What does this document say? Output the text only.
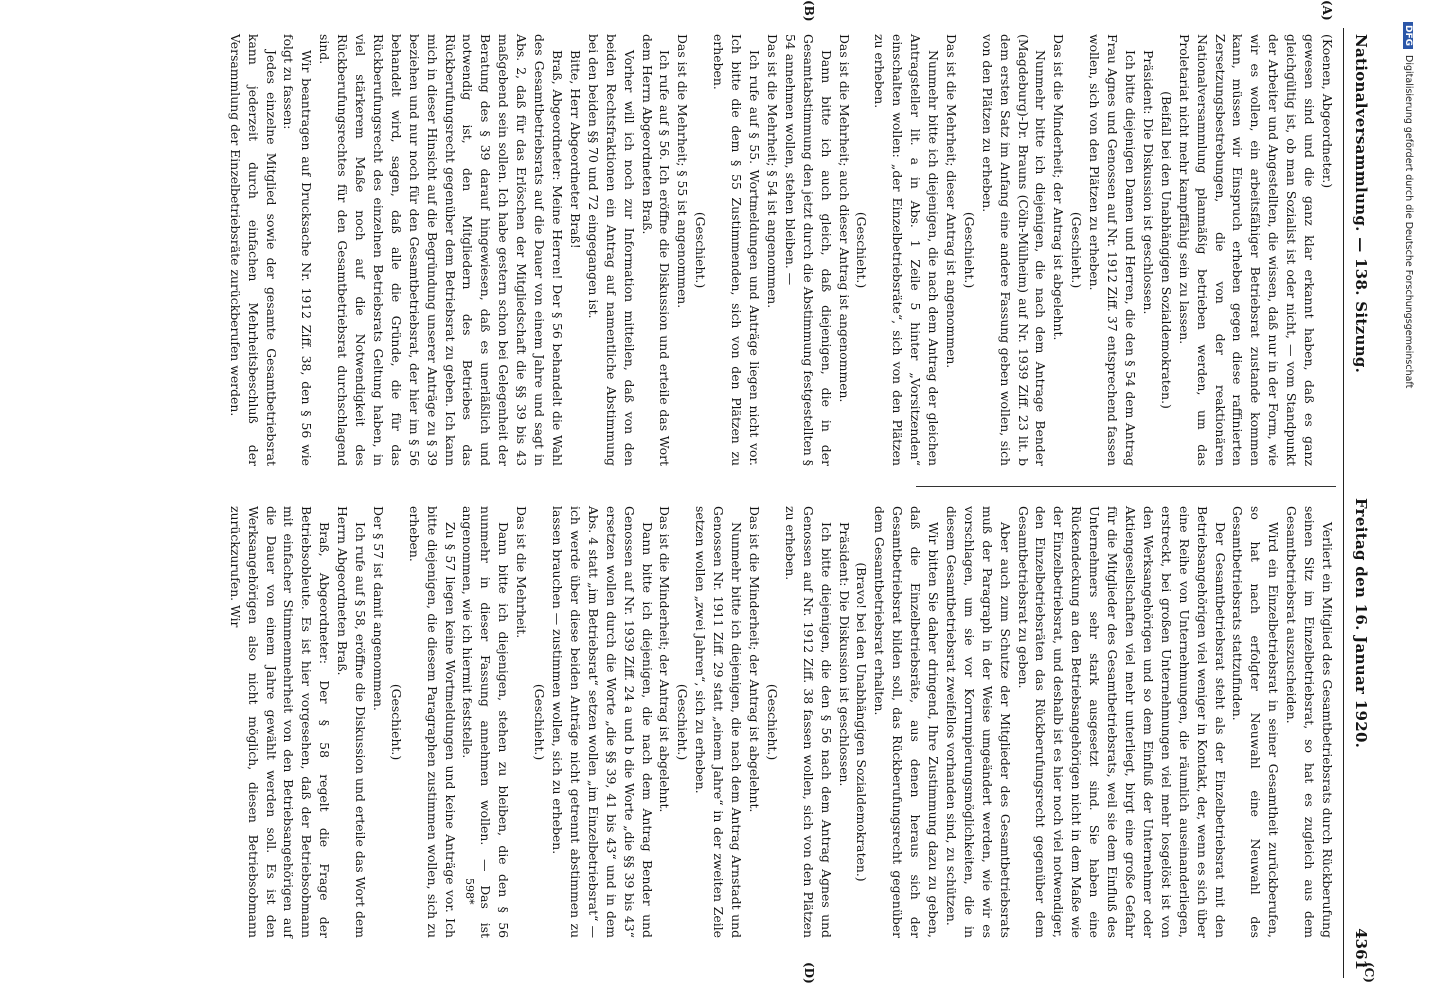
Nationalversammlung. — 138. Sitzung.
Freitag den 16. Januar 1920.
4361
(A)
(B)
(C)
(D)

(Koenen, Abgeordneter.)

gewesen sind und die ganz klar erkannt haben, daß es ganz gleichgültig ist, ob man Sozialist ist oder nicht, — vom Standpunkt der Arbeiter und Angestellten, die wissen, daß nur in der Form, wie wir es wollen, ein arbeitsfähiger Betriebsrat zustande kommen kann, müssen wir Einspruch erheben gegen diese raffinierten Zersetzungsbestrebungen, die von der reaktionären Nationalversammlung planmäßig betrieben werden, um das Proletariat nicht mehr kampffähig sein zu lassen.

(Beifall bei den Unabhängigen Sozialdemokraten.)

Präsident: Die Diskussion ist geschlossen.

Ich bitte diejenigen Damen und Herren, die den § 54 dem Antrag Frau Agnes und Genossen auf Nr. 1912 Ziff. 37 entsprechend fassen wollen, sich von den Plätzen zu erheben.

(Geschieht.)

Das ist die Minderheit; der Antrag ist abgelehnt.

Nunmehr bitte ich diejenigen, die nach dem Antrage Bender (Magdeburg)-Dr. Brauns (Cöln-Mülheim) auf Nr. 1939 Ziff. 23 lit. b dem ersten Satz im Anfang eine andere Fassung geben wollen, sich von den Plätzen zu erheben.

(Geschieht.)

Das ist die Mehrheit; dieser Antrag ist angenommen.

Nunmehr bitte ich diejenigen, die nach dem Antrag der gleichen Antragsteller lit. a in Abs. 1 Zeile 5 hinter „Vorsitzenden“ einschalten wollen: „der Einzelbetriebsräte“, sich von den Plätzen zu erheben.

(Geschieht.)

Das ist die Mehrheit; auch dieser Antrag ist angenommen.

Dann bitte ich auch gleich, daß diejenigen, die in der Gesamtabstimmung den jetzt durch die Abstimmung festgestellten § 54 annehmen wollen, stehen bleiben. —

Das ist die Mehrheit; § 54 ist angenommen.

Ich rufe auf § 55. Wortmeldungen und Anträge liegen nicht vor. Ich bitte die dem § 55 Zustimmenden, sich von den Plätzen zu erheben.

(Geschieht.)

Das ist die Mehrheit; § 55 ist angenommen.

Ich rufe auf § 56. Ich eröffne die Diskussion und erteile das Wort dem Herrn Abgeordneten Braß.

Vorher will ich noch zur Information mitteilen, daß von den beiden Rechtsfraktionen ein Antrag auf namentliche Abstimmung bei den beiden §§ 70 und 72 eingegangen ist.

Bitte, Herr Abgeordneter Braß!

Braß, Abgeordneter: Meine Herren! Der § 56 behandelt die Wahl des Gesamtbetriebsrats auf die Dauer von einem Jahre und sagt in Abs. 2, daß für das Erlöschen der Mitgliedschaft die §§ 39 bis 43 maßgebend sein sollen. Ich habe gestern schon bei Gelegenheit der Beratung des § 39 darauf hingewiesen, daß es unerläßlich und notwendig ist, den Mitgliedern des Betriebes das Rückberufungsrecht gegenüber dem Betriebsrat zu geben. Ich kann mich in dieser Hinsicht auf die Begründung unserer Anträge zu § 39 beziehen und nur noch für den Gesamtbetriebsrat, der hier im § 56 behandelt wird, sagen, daß alle die Gründe, die für das Rückberufungsrecht des einzelnen Betriebsrats Geltung haben, in viel stärkerem Maße noch auf die Notwendigkeit des Rückberufungsrechtes für den Gesamtbetriebsrat durchschlagend sind.

Wir beantragen auf Drucksache Nr. 1912 Ziff. 38, den § 56 wie folgt zu fassen:

Jedes einzelne Mitglied sowie der gesamte Gesamtbetriebsrat kann jederzeit durch einfachen Mehrheitsbeschluß der Versammlung der Einzelbetriebsräte zurückberufen werden.

Verliert ein Mitglied des Gesamtbetriebsrats durch Rückberufung seinen Sitz im Einzelbetriebsrat, so hat es zugleich aus dem Gesamtbetriebsrat auszuscheiden.

Wird ein Einzelbetriebsrat in seiner Gesamtheit zurückberufen, so hat nach erfolgter Neuwahl eine Neuwahl des Gesamtbetriebsrats stattzufinden.

Der Gesamtbetriebsrat steht als der Einzelbetriebsrat mit den Betriebsangehörigen viel weniger in Kontakt, der, wenn es sich über eine Reihe von Unternehmungen, die räumlich auseinanderliegen, erstreckt, bei großen Unternehmungen viel mehr losgelöst ist von den Werksangehörigen und so dem Einfluß der Unternehmer oder Aktiengesellschaften viel mehr unterliegt, birgt eine große Gefahr für die Mitglieder des Gesamtbetriebsrats, weil sie dem Einfluß des Unternehmers sehr stark ausgesetzt sind. Sie haben eine Rückendeckung an den Betriebsangehörigen nicht in dem Maße wie der Einzelbetriebsrat, und deshalb ist es hier noch viel notwendiger, den Einzelbetriebsräten das Rückberufungsrecht gegenüber dem Gesamtbetriebsrat zu geben.

Aber auch zum Schutze der Mitglieder des Gesamtbetriebsrats muß der Paragraph in der Weise umgeändert werden, wie wir es vorschlagen, um sie vor Korrumpierungsmöglichkeiten, die in diesem Gesamtbetriebsrat zweifellos vorhanden sind, zu schützen.

Wir bitten Sie daher dringend, Ihre Zustimmung dazu zu geben, daß die Einzelbetriebsräte, aus denen heraus sich der Gesamtbetriebsrat bilden soll, das Rückberufungsrecht gegenüber dem Gesamtbetriebsrat erhalten.

(Bravo! bei den Unabhängigen Sozialdemokraten.)

Präsident: Die Diskussion ist geschlossen.

Ich bitte diejenigen, die den § 56 nach dem Antrag Agnes und Genossen auf Nr. 1912 Ziff. 38 fassen wollen, sich von den Plätzen zu erheben.

(Geschieht.)

Das ist die Minderheit; der Antrag ist abgelehnt.

Nunmehr bitte ich diejenigen, die nach dem Antrag Arnstadt und Genossen Nr. 1911 Ziff. 29 statt „einem Jahre“ in der zweiten Zeile setzen wollen „zwei Jahren“, sich zu erheben.

(Geschieht.)

Das ist die Minderheit; der Antrag ist abgelehnt.

Dann bitte ich diejenigen, die nach dem Antrag Bender und Genossen auf Nr. 1939 Ziff. 24 a und b die Worte „die §§ 39 bis 43“ ersetzen wollen durch die Worte „die §§ 39, 41 bis 43“ und in dem Abs. 4 statt „im Betriebsrat“ setzen wollen „im Einzelbetriebsrat“ — ich werde über diese beiden Anträge nicht getrennt abstimmen zu lassen brauchen — zustimmen wollen, sich zu erheben.

(Geschieht.)

Das ist die Mehrheit.

Dann bitte ich diejenigen, stehen zu bleiben, die den § 56 nunmehr in dieser Fassung annehmen wollen. — Das ist angenommen, wie ich hiermit feststelle.

Zu § 57 liegen keine Wortmeldungen und keine Anträge vor. Ich bitte diejenigen, die diesem Paragraphen zustimmen wollen, sich zu erheben.

(Geschieht.)

Der § 57 ist damit angenommen.

Ich rufe auf § 58, eröffne die Diskussion und erteile das Wort dem Herrn Abgeordneten Braß.

Braß, Abgeordneter: Der § 58 regelt die Frage der Betriebsobleute. Es ist hier vorgesehen, daß der Betriebsobmann mit einfacher Stimmenmehrheit von den Betriebsangehörigen auf die Dauer von einem Jahre gewählt werden soll. Es ist den Werksangehörigen also nicht möglich, diesen Betriebsobmann zurückzurufen. Wir

598*
DFGDigitalisierung gefördert durch die Deutsche Forschungsgemeinschaft
